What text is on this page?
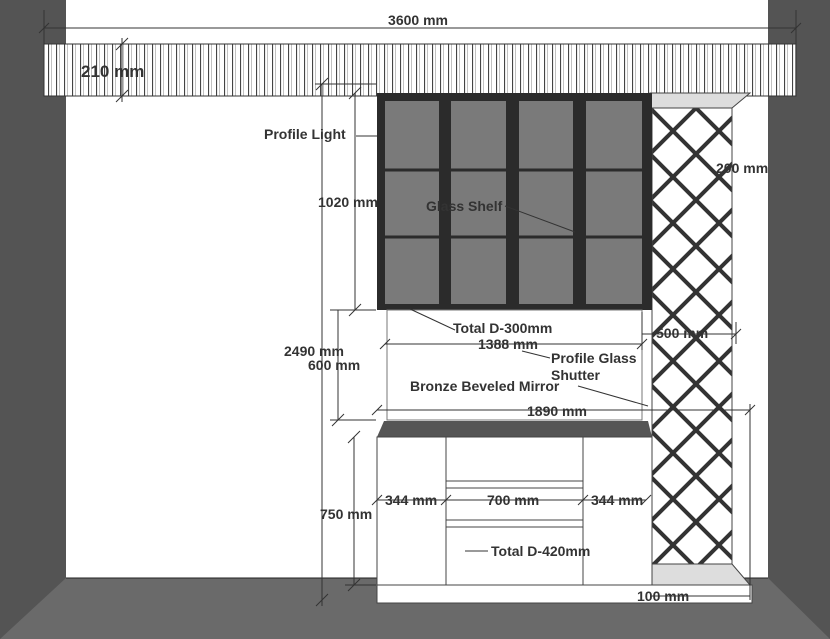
3600 mm
210 mm
Profile Light
1020 mm	Glass Shelf
200 mm
Total D-300mm
1388 mm
2490 mm
600 mm	Profile Glass
Shutter
500 mm
Bronze Beveled Mirror
1890 mm
750 mm
344 mm	700 mm	344 mm
Total D-420mm
100 mm
